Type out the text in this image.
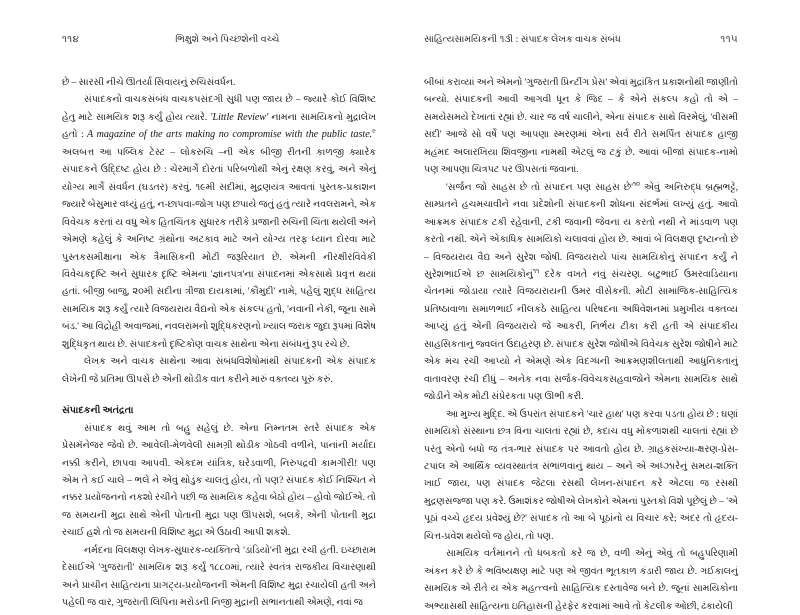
૧૧૪	ભિક્ષુશે અને પિચ્છશેની વચ્ચે

છે – સારસી નીચે ઊતર્યા સિવાયનું રુચિસંવર્ધન.

સંપાદકનો વાચકસંબંધ વાચકપસંદગી સુધી પણ જાય છે – જ્યારે કોઈ વિશિષ્ટ હેતુ માટે સામયિક શરૂ કર્યું હોય ત્યારે. 'Little Review' નામના સામયિકનો મુદ્રાલેખ હતો : A magazine of the arts making no compromise with the public taste.$^૯$ અલબત્ત આ પબ્લિક ટેસ્ટ – લોકરુચિ –ની એક બીજી રીતની કાળજી ક્યારેક સંપાદકને ઉદ્દિષ્ટ હોય છે : ચેરમાર્ગે દોરતાં પરિબળોથી એનું રક્ષણ કરવું, અને એનું યોગ્ય માર્ગે સંવર્ધન (ઘડતર) કરવું. ૧૯મી સદીમાં, મુદ્રણયંત્ર આવતાં પુસ્તક-પ્રકાશન જ્યારે બેસુમાર વધ્યું હતું, ન-છાપવા-જોગ પણ છપાયે જતું હતું ત્યારે નવલરામને, એક વિવેચક કરતાં ય વધુ એક હિતચિંતક સુધારક તરીકે પ્રજાની રુચિની ચિંતા થયેલી અને એમણે કહેલું કે અનિષ્ટ ગ્રંથોના અટકાવ માટે અને યોગ્ય તરફ ધ્યાન દોરવા માટે પુસ્તકસમીક્ષાના એક ત્રૈમાસિકની મોટી જરૂરિયાત છે. એમની નીરક્ષીરવિવેકી વિવેચકદૃષ્ટિ અને સુધારક દૃષ્ટિ એમના 'જ્ઞાનપત્ર'ના સંપાદનમાં એકસાથે પ્રવૃત્ત થયાં હતાં. બીજી બાજુ, ૨૦મી સદીના ત્રીજા દાયકામાં, 'કૌમુદી' નામે, પહેલું શુદ્ધ સાહિત્ય સામયિક શરૂ કર્યું ત્યારે વિજયરાય વૈદ્યનો એક સંકલ્પ હતો, 'નવાની નેકી, જૂના સામે બંડ.' આ વિદ્રોહી અવાજમાં, નવલરામનો શુદ્ધિકરણનો ખ્યાલ જરાક જુદા રૂપમાં વિશેષ શુદ્ધિકૃત થાય છે. સંપાદકનો દૃષ્ટિકોણ વાચક સાથેના એના સંબંધનું રૂપ રચે છે.

લેખક અને વાચક સાથેના આવા સંબંધવિશેષોમાંથી સંપાદકની એક સંપાદક લેખેની જે પ્રતિમા ઊપસે છે એની થોડીક વાત કરીને મારું વક્તવ્ય પૂરું કરું.

સંપાદકની અતંદ્રતા

સંપાદક થવું આમ તો બહુ સહેલું છે. એના નિમ્નતમ સ્તરે સંપાદક એક પ્રેસમૅનેજર જેવો છે. આવેલી-મેળવેલી સામગ્રી થોડીક ગોઠવી વળીને, પાનાંની મર્યાદા નક્કી કરીને, છાપવા આપવી. એકદમ યાંત્રિક, ઘરેડવાળી, નિરુપદ્રવી કામગીરી! પણ એમ તે કઈ ચાલે – ભલે ને એવું થોડુંક ચાલતું હોય, તો પણ? સંપાદક કોઈ નિશ્ચિત ને નક્કર પ્રયોજનનો નકશો રચીને પછી જ સામયિક કહેવા બેઠો હોય – હોવો જોઈએ. તો જ સમયની મુદ્રા સાથે એની પોતાની મુદ્રા પણ ઊપસશે, બલકે, એની પોતાની મુદ્રા રચાઈ હશે તો જ સમયની વિશિષ્ટ મુદ્રા એ ઉઠાવી આપી શકશે.

નર્મદના વિલક્ષણ લેખક-સુધારક-વ્યક્તિત્વે 'ડાંડિયો'ની મુદ્રા રચી હતી. ઇચ્છારામ દેસાઈએ 'ગુજરાતી' સામયિક શરૂ કર્યું ૧૮૮૦માં, ત્યારે સ્વતંત્ર રાજકીય વિચારણાથી અને પ્રાચીન સાહિત્યના પ્રાગટ્ય-પ્રયોજનની એમની વિશિષ્ટ મુદ્રા રચાયેલી હતી અને પહેલી જ વાર, ગુજરાતી લિપિના મરોડની નિજી મુદ્રાની સભાનતાથી એમણે, નવાં જ

સાહિત્યસામયિકની ૧૩ી : સંપાદક લેખક વાચક સંબંધ	૧૧૫

બીબાં કરાવ્યાં અને એમનો 'ગુજરાતી પ્રિન્ટીંગ પ્રેસ' એવાં મુદ્રાંકિત પ્રકાશનોથી જાણીતો બન્યો. સંપાદકની આવી આગવી ધૂન કે જિદ – કે એને સંકલ્પ કહો તો એ – સમયેસમયે દેખાતાં રહ્યાં છે. ચાર જ વર્ષ ચાલીને, એના સંપાદક સાથે વિરમેલું, 'વીસમી સદી' આજે સો વર્ષે પણ આપણા સ્મરણમાં એના સર્વ રીતે સમર્પિત સંપાદક હાજી મહંમદ અલારખિયા શિવજીના નામથી એટલું જ ટકું છે. આવાં બીજાં સંપાદક-નામો પણ આપણા ચિત્રપટ પર ઊપસતાં જવાનાં.

'સર્જન જો સાહસ છે તો સંપાદન પણ સાહસ $છે'^{૧૦}$ એવું અનિરુદ્ધ બ્રહ્મભટ્ટે, સામ્પ્રતને હચમચાવીને નવા પ્રદેશોની સંપાદકની શોધના સંદર્ભમાં લખ્યું હતું. આવો આક્રમક સંપાદક ટકી રહેવાની, ટકી જવાની જેવના ય કરતો નથી ને માંડવાળ પણ કરતો નથી. એને એકાધિક સામયિકો ચલાવવાં હોય છે. આવાં બે વિલક્ષણ દૃષ્ટાન્તો છે – વિજયરાય વૈદ્ય અને સુરેશ જોષી. વિજયરાયે પાંચ સામયિકોનું સંપાદન કર્યું ને સુરેશભાઈએ છ સામયિકોનું$^{૧૧}$ દરેક વખતે નવું સંચરણ. બટુભાઈ ઉમરવાડિયાના ચેતનમાં જોડાયા ત્યારે વિજયરાયની ઉમર વીસેકની. મોટી સામાજિક-સાહિત્યિક પ્રતિષ્ઠાવાળા સમાળભાઈ નીલકંઠે સાહિત્ય પરિષદના અધિવેશનમાં પ્રમુખીય વક્તવ્ય આપ્યું હતું એની વિજયરાયે જે આકરી, નિર્ભય ટીકા કરી હતી એ સંપાદકીય સાહસિકતાનું જ્વલંત ઉદાહરણ છે. સંપાદક સુરેશ જોષીએ વિવેચક સુરેશ જોષીને માટે એક મંચ રચી આપ્યો ને એમણે એક વિદગ્ધની આક્રમણશીલતાથી આધુનિકતાનું વાતાવરણ રચી દીધું – અનેક નવા સર્જક-વિવેચકસહવાજોને એમના સામયિક સાથે જોડીને એક મોટી સંપ્રેરકતા પણ ઊભી કરી.

આ મુખ્ય મુદ્દિ. એ ઉપરાંત સંપાદકને 'ચાર હાથ' પણ કરવા પડતા હોય છે : ઘણાં સામયિકો સંસ્થાના છત્ર વિના ચાલતાં રહ્યાં છે, કદાચ વધુ મોકળાશથી ચાલતાં રહ્યાં છે પરંતુ એનો બધો જ તંત્ર-ભાર સંપાદક પર આવતો હોય છે. ગ્રાહકસંખ્યા-ક્ષરણ-પ્રેસ-ટપાલ એ આર્થિક વ્યવસ્થાતંત્ર સંભાળવાનું થાય – અને એ અધ્ઝારેનું સમય-શક્તિ ખાઈ જાય, પણ સંપાદક જેટલા રસથી લેખન-સંપાદન કરે એટલા જ રસથી મુદ્રણસજ્જા પણ કરે. ઉમાશંકર જોષીએ લેખકોને એમનાં પુસ્તકો વિશે પૂછેલું છે – 'એ પૂઠાં વચ્ચે હૃદય પ્રવેશ્યું છે?' સંપાદક તો આ બે પૂઠાંનો ય વિચાર કરે; અંદર તો હૃદય-ચિત્ત-પ્રવેશ થયેલો જ હોય, તો પણ.

સામયિક વર્તમાનને તો ધબકતો કરે જ છે, વળી એનું એવું તો બહુપરિણામી અંકન કરે છે કે ભવિષ્યક્ષણ માટે પણ એ જીવંત ભૂતકાળ કંડારી જાય છે. ગઈકાલનું સામયિક એ રીતે ય એક મહત્ત્વનો સાહિત્યિક દસ્તાવેજ બને છે. જૂનાં સામયિકોના અભ્યાસથી સાહિત્યના ઇતિહાસની હેરફેર કરવામાં આવે તો કેટલીક ઓછી, ઢંકાયેલી
